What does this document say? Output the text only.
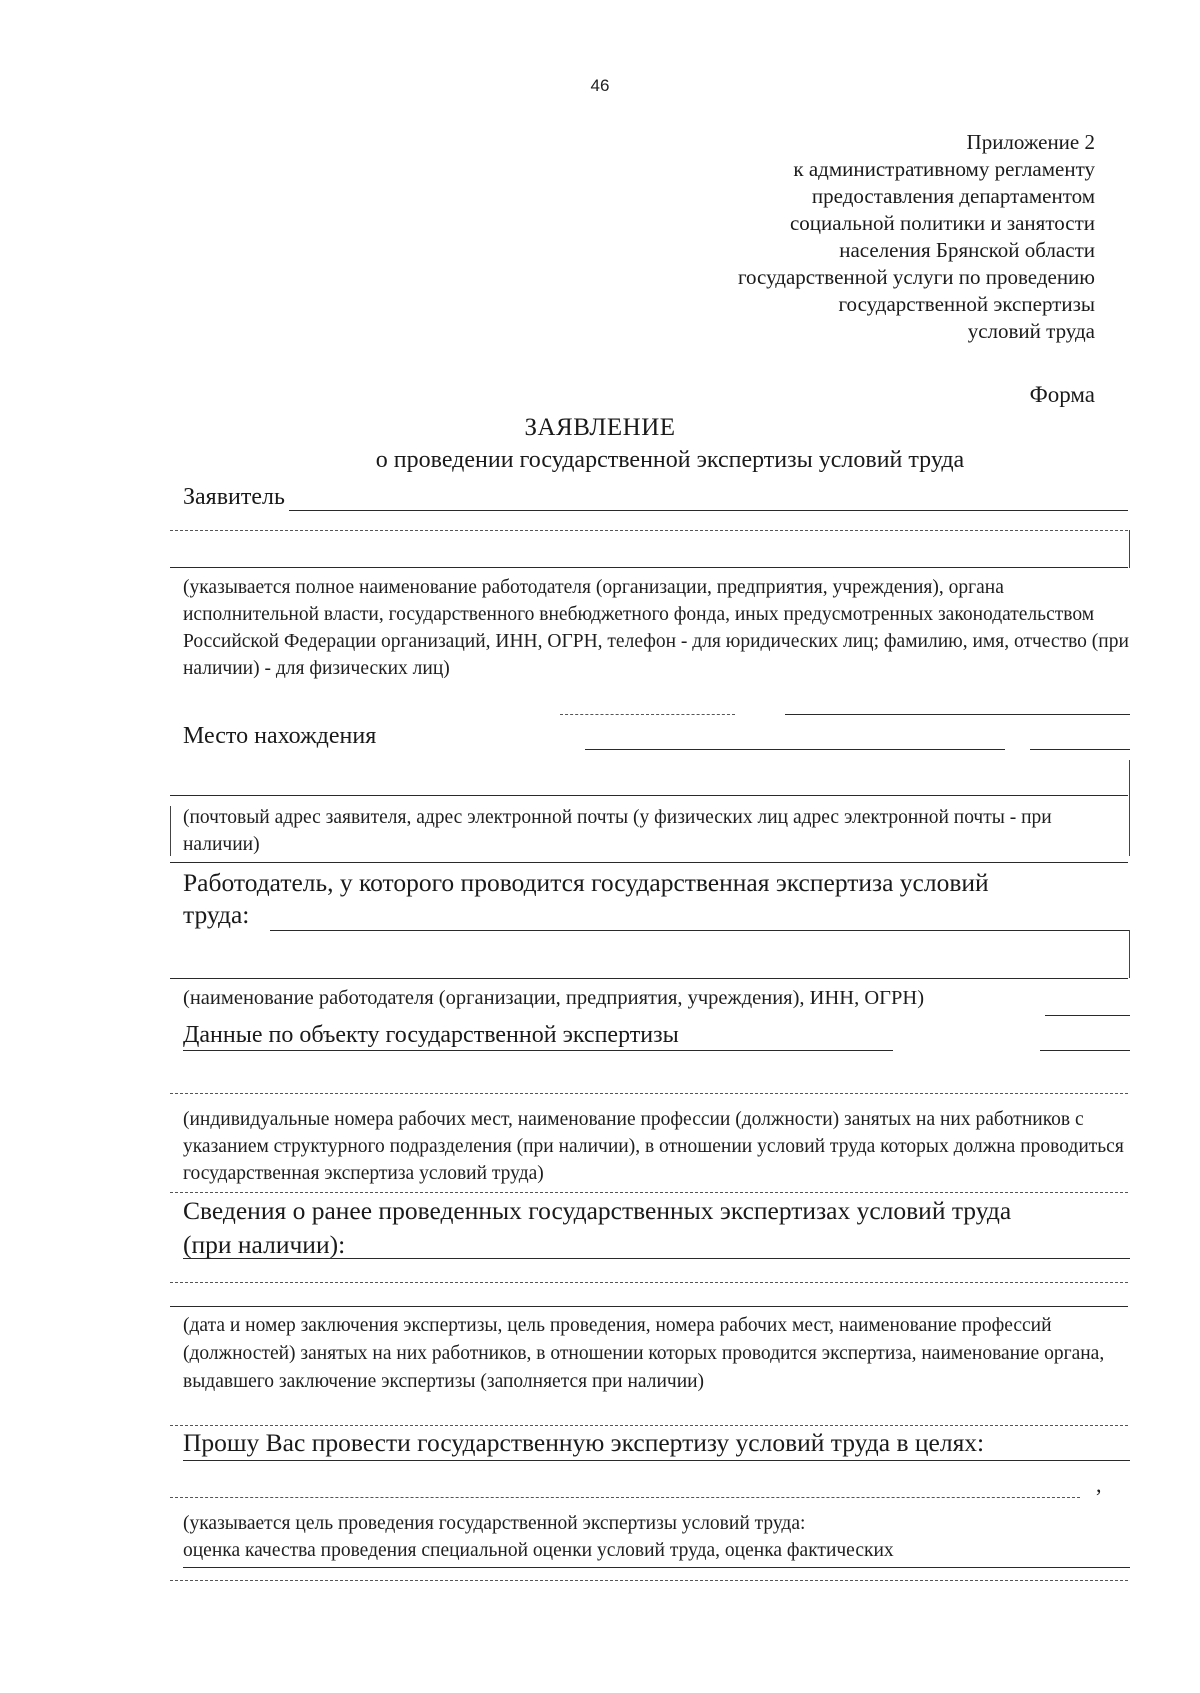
46
Приложение 2
к административному регламенту
предоставления департаментом
социальной политики и занятости
населения Брянской области
государственной услуги по проведению
государственной экспертизы
условий труда
Форма
ЗАЯВЛЕНИЕ
о проведении государственной экспертизы условий труда
Заявитель
(указывается полное наименование работодателя (организации, предприятия, учреждения), органа исполнительной власти, государственного внебюджетного фонда, иных предусмотренных законодательством Российской Федерации организаций, ИНН, ОГРН, телефон - для юридических лиц; фамилию, имя, отчество (при наличии) - для физических лиц)
Место нахождения
(почтовый адрес заявителя, адрес электронной почты (у физических лиц адрес электронной почты - при наличии)
Работодатель, у которого проводится государственная экспертиза условий
труда:
(наименование работодателя (организации, предприятия, учреждения), ИНН, ОГРН)
Данные по объекту государственной экспертизы
(индивидуальные номера рабочих мест, наименование профессии (должности) занятых на них работников с указанием структурного подразделения (при наличии), в отношении условий труда которых должна проводиться государственная экспертиза условий труда)
Сведения о ранее проведенных государственных экспертизах условий труда
(при наличии):
(дата и номер заключения экспертизы, цель проведения, номера рабочих мест, наименование профессий (должностей) занятых на них работников, в отношении которых проводится экспертиза, наименование органа, выдавшего заключение экспертизы (заполняется при наличии)
Прошу Вас провести государственную экспертизу условий труда в целях:
,
(указывается цель проведения государственной экспертизы условий труда:
оценка качества проведения специальной оценки условий труда, оценка фактических
